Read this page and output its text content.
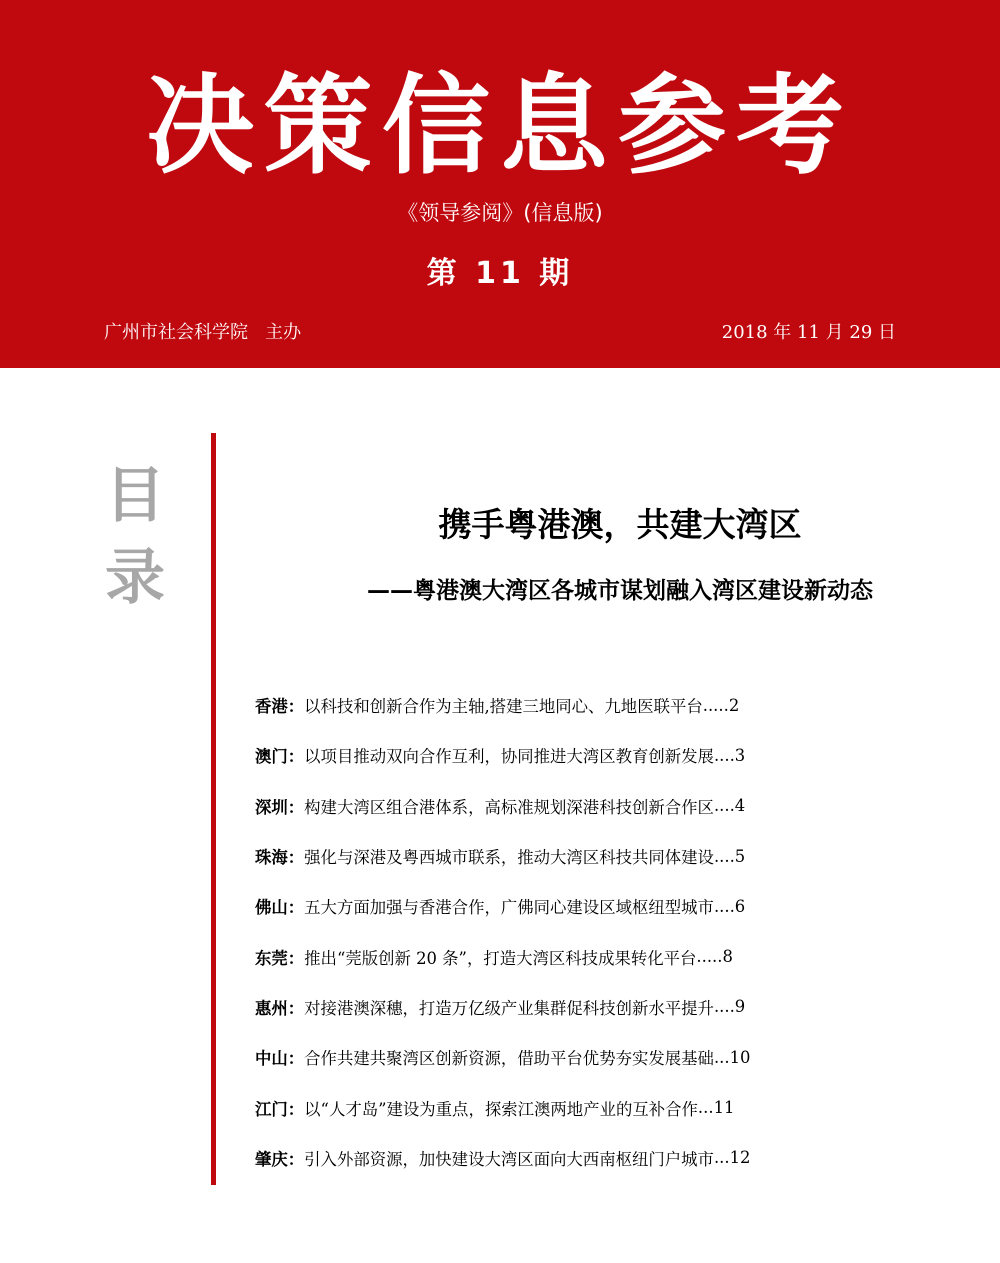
决策信息参考
《领导参阅》(信息版)
第 11 期
广州市社会科学院   主办	2018 年 11 月 29 日
目
录
携手粤港澳，共建大湾区
——粤港澳大湾区各城市谋划融入湾区建设新动态
香港： 以科技和创新合作为主轴,搭建三地同心、九地医联平台 ..... 2
澳门： 以项目推动双向合作互利，协同推进大湾区教育创新发展 .... 3
深圳： 构建大湾区组合港体系，高标准规划深港科技创新合作区 .... 4
珠海： 强化与深港及粤西城市联系，推动大湾区科技共同体建设 .... 5
佛山： 五大方面加强与香港合作，广佛同心建设区域枢纽型城市 .... 6
东莞： 推出“莞版创新 20 条”，打造大湾区科技成果转化平台 ..... 8
惠州： 对接港澳深穗，打造万亿级产业集群促科技创新水平提升 .... 9
中山： 合作共建共聚湾区创新资源，借助平台优势夯实发展基础 ... 10
江门： 以“人才岛”建设为重点，探索江澳两地产业的互补合作 ... 11
肇庆： 引入外部资源，加快建设大湾区面向大西南枢纽门户城市 ... 12
